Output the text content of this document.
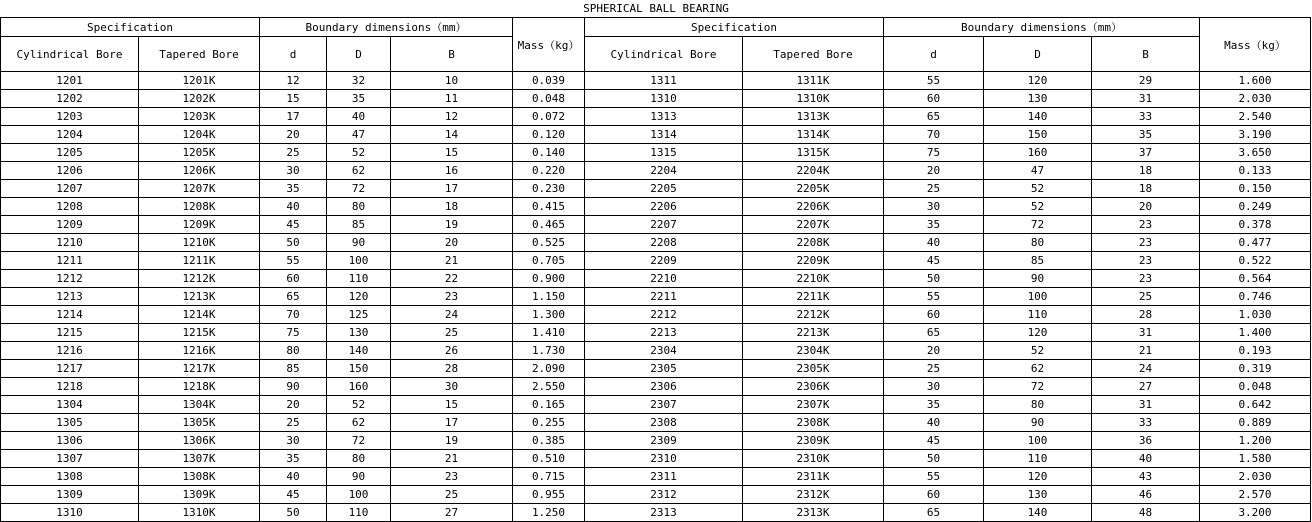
SPHERICAL BALL BEARING
Specification		Boundary dimensions（mm）			Mass（kg）	Specification		Boundary dimensions（mm）			Mass（kg）
Cylindrical Bore	Tapered Bore	d	D	B		Cylindrical Bore	Tapered Bore	d	D	B	
1201	1201K	12	32	10	0.039	1311	1311K	55	120	29	1.600
1202	1202K	15	35	11	0.048	1310	1310K	60	130	31	2.030
1203	1203K	17	40	12	0.072	1313	1313K	65	140	33	2.540
1204	1204K	20	47	14	0.120	1314	1314K	70	150	35	3.190
1205	1205K	25	52	15	0.140	1315	1315K	75	160	37	3.650
1206	1206K	30	62	16	0.220	2204	2204K	20	47	18	0.133
1207	1207K	35	72	17	0.230	2205	2205K	25	52	18	0.150
1208	1208K	40	80	18	0.415	2206	2206K	30	52	20	0.249
1209	1209K	45	85	19	0.465	2207	2207K	35	72	23	0.378
1210	1210K	50	90	20	0.525	2208	2208K	40	80	23	0.477
1211	1211K	55	100	21	0.705	2209	2209K	45	85	23	0.522
1212	1212K	60	110	22	0.900	2210	2210K	50	90	23	0.564
1213	1213K	65	120	23	1.150	2211	2211K	55	100	25	0.746
1214	1214K	70	125	24	1.300	2212	2212K	60	110	28	1.030
1215	1215K	75	130	25	1.410	2213	2213K	65	120	31	1.400
1216	1216K	80	140	26	1.730	2304	2304K	20	52	21	0.193
1217	1217K	85	150	28	2.090	2305	2305K	25	62	24	0.319
1218	1218K	90	160	30	2.550	2306	2306K	30	72	27	0.048
1304	1304K	20	52	15	0.165	2307	2307K	35	80	31	0.642
1305	1305K	25	62	17	0.255	2308	2308K	40	90	33	0.889
1306	1306K	30	72	19	0.385	2309	2309K	45	100	36	1.200
1307	1307K	35	80	21	0.510	2310	2310K	50	110	40	1.580
1308	1308K	40	90	23	0.715	2311	2311K	55	120	43	2.030
1309	1309K	45	100	25	0.955	2312	2312K	60	130	46	2.570
1310	1310K	50	110	27	1.250	2313	2313K	65	140	48	3.200
